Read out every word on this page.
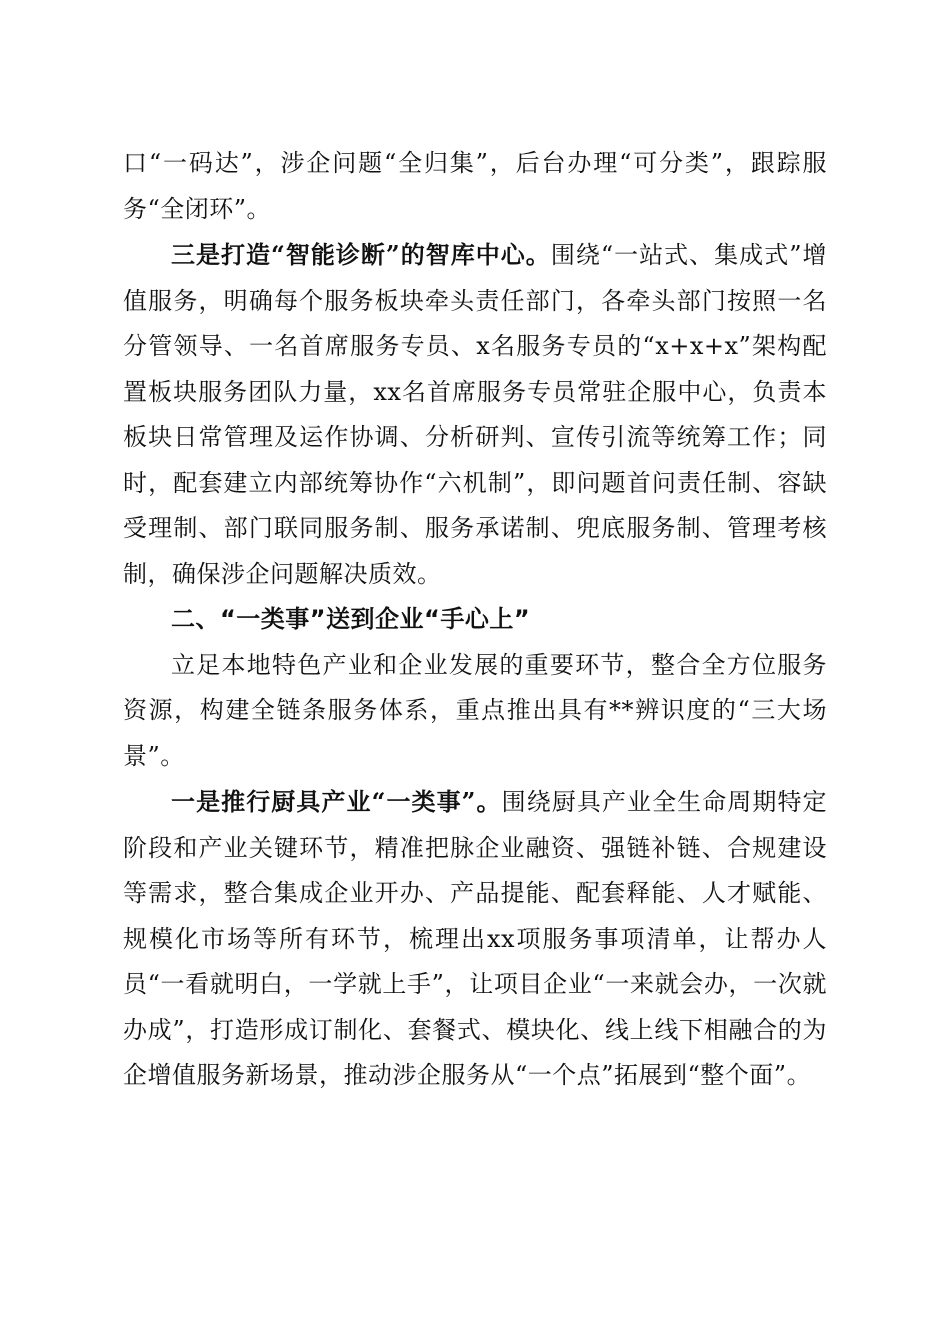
口“一码达”，涉企问题“全归集”，后台办理“可分类”，跟踪服务“全闭环”。

三是打造“智能诊断”的智库中心。围绕“一站式、集成式”增值服务，明确每个服务板块牵头责任部门，各牵头部门按照一名分管领导、一名首席服务专员、x名服务专员的“x+x+x”架构配置板块服务团队力量，xx名首席服务专员常驻企服中心，负责本板块日常管理及运作协调、分析研判、宣传引流等统筹工作；同时，配套建立内部统筹协作“六机制”，即问题首问责任制、容缺受理制、部门联同服务制、服务承诺制、兜底服务制、管理考核制，确保涉企问题解决质效。

二、“一类事”送到企业“手心上”

立足本地特色产业和企业发展的重要环节，整合全方位服务资源，构建全链条服务体系，重点推出具有**辨识度的“三大场景”。

一是推行厨具产业“一类事”。围绕厨具产业全生命周期特定阶段和产业关键环节，精准把脉企业融资、强链补链、合规建设等需求，整合集成企业开办、产品提能、配套释能、人才赋能、规模化市场等所有环节，梳理出xx项服务事项清单，让帮办人员“一看就明白，一学就上手”，让项目企业“一来就会办，一次就办成”，打造形成订制化、套餐式、模块化、线上线下相融合的为企增值服务新场景，推动涉企服务从“一个点”拓展到“整个面”。
